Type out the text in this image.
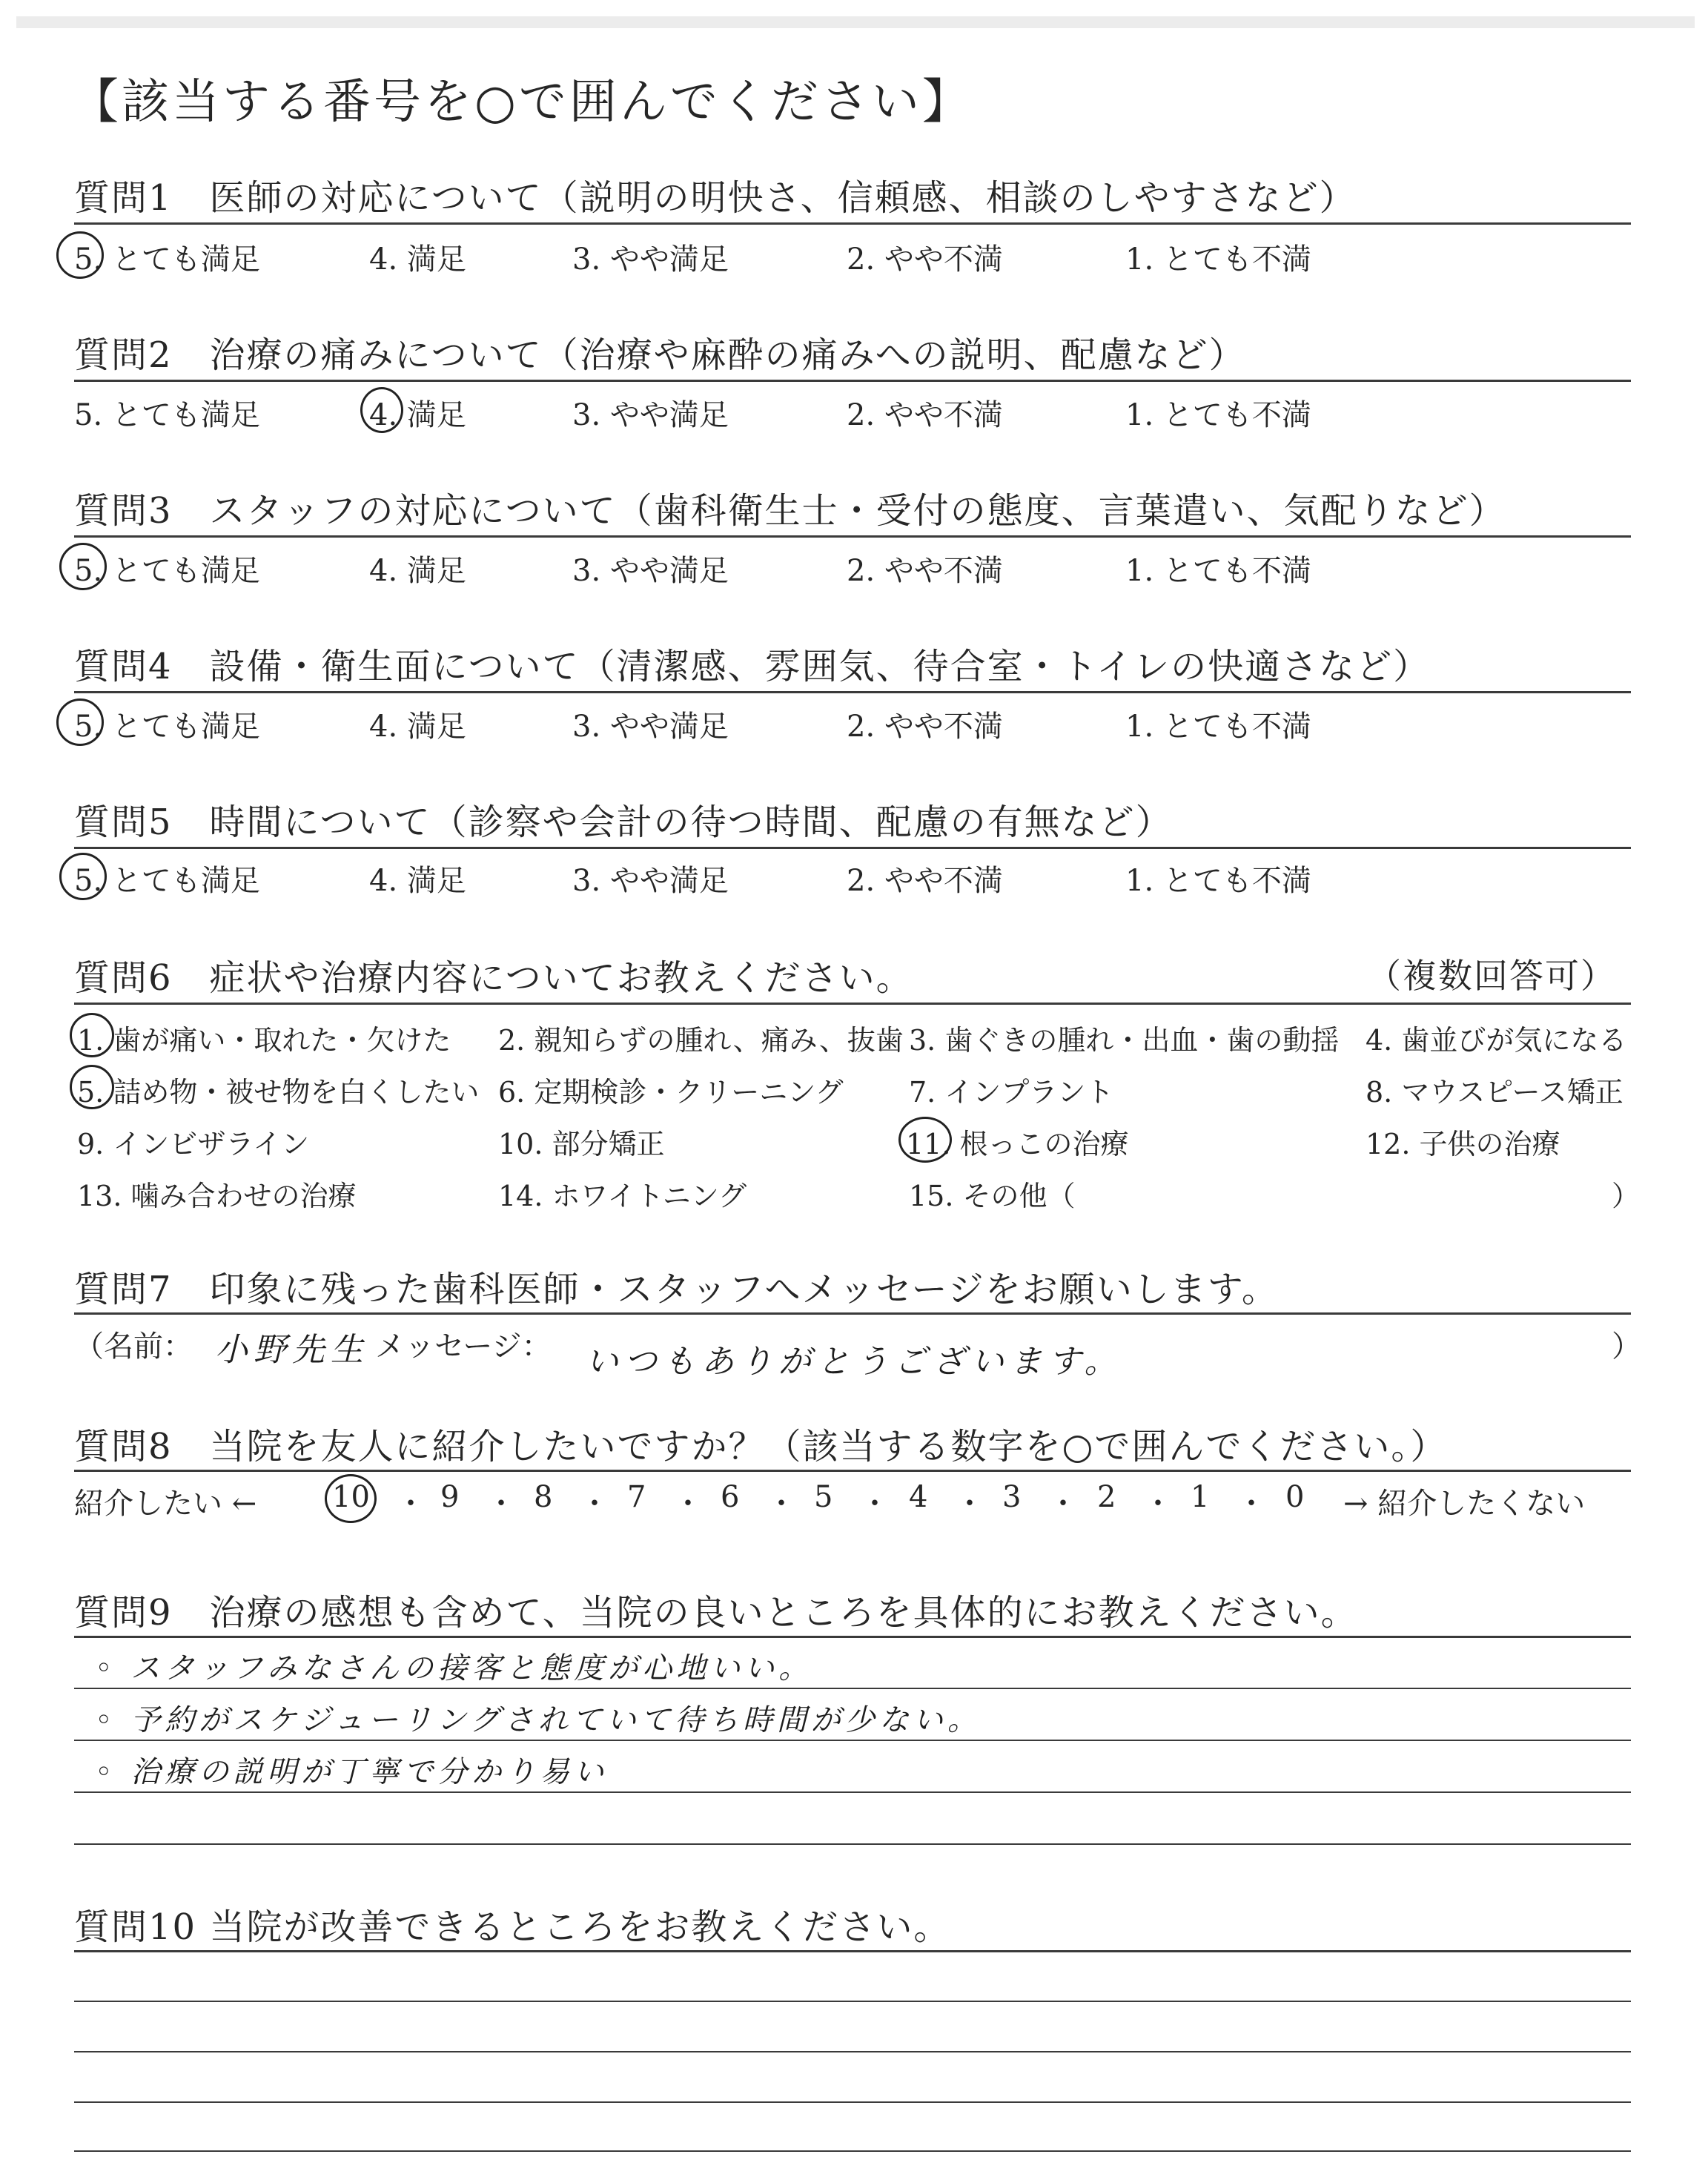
【該当する番号を○で囲んでください】
質問1　医師の対応について（説明の明快さ、信頼感、相談のしやすさなど）
5. とても満足	4. 満足	3. やや満足	2. やや不満	1. とても不満
質問2　治療の痛みについて（治療や麻酔の痛みへの説明、配慮など）
5. とても満足	4. 満足	3. やや満足	2. やや不満	1. とても不満
質問3　スタッフの対応について（歯科衛生士・受付の態度、言葉遣い、気配りなど）
5. とても満足	4. 満足	3. やや満足	2. やや不満	1. とても不満
質問4　設備・衛生面について（清潔感、雰囲気、待合室・トイレの快適さなど）
5. とても満足	4. 満足	3. やや満足	2. やや不満	1. とても不満
質問5　時間について（診察や会計の待つ時間、配慮の有無など）
5. とても満足	4. 満足	3. やや満足	2. やや不満	1. とても不満
質問6　症状や治療内容についてお教えください。	（複数回答可）
1. 歯が痛い・取れた・欠けた 2. 親知らずの腫れ、痛み、抜歯 3. 歯ぐきの腫れ・出血・歯の動揺 4. 歯並びが気になる
5. 詰め物・被せ物を白くしたい 6. 定期検診・クリーニング 7. インプラント	8. マウスピース矯正
9. インビザライン	10. 部分矯正	11. 根っこの治療	12. 子供の治療
13. 噛み合わせの治療	14. ホワイトニング	15. その他（	）
質問7　印象に残った歯科医師・スタッフへメッセージをお願いします。
（名前： 小野先生 メッセージ： いつもありがとうございます。	）
質問8　当院を友人に紹介したいですか？（該当する数字を○で囲んでください。）
紹介したい ←	10 ・ 9 ・ 8 ・ 7 ・ 6 ・ 5 ・ 4 ・ 3 ・ 2 ・ 1 ・ 0 → 紹介したくない
質問9　治療の感想も含めて、当院の良いところを具体的にお教えください。
◦ スタッフみなさんの接客と態度が心地いい。
◦ 予約がスケジューリングされていて待ち時間が少ない。
◦ 治療の説明が丁寧で分かり易い
質問10 当院が改善できるところをお教えください。
